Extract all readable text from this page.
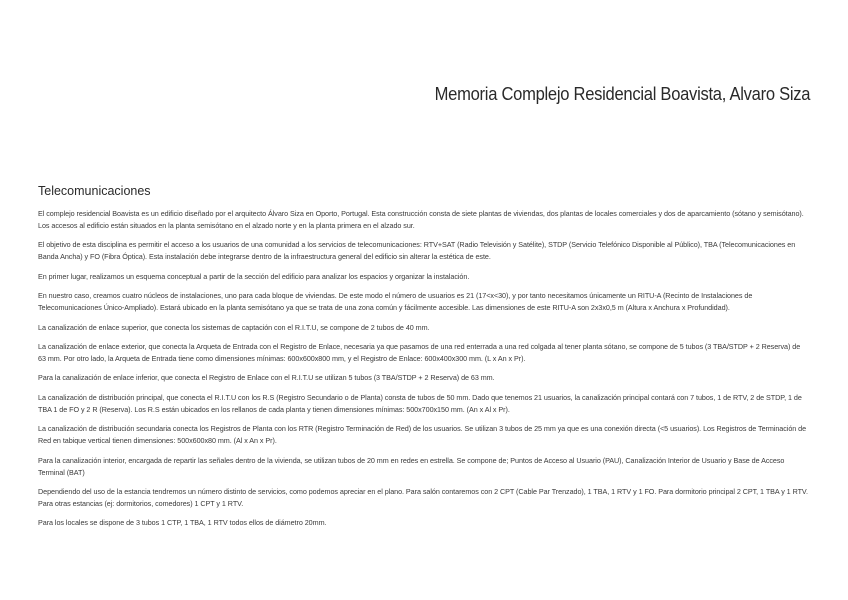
Memoria Complejo Residencial Boavista, Alvaro Siza
Telecomunicaciones

El complejo residencial Boavista es un edificio diseñado por el arquitecto Álvaro Siza en Oporto, Portugal. Esta construcción consta de siete plantas de viviendas, dos plantas de locales comerciales y dos de aparcamiento (sótano y semisótano). Los accesos al edificio están situados en la planta semisótano en el alzado norte y en la planta primera en el alzado sur.

El objetivo de esta disciplina es permitir el acceso a los usuarios de una comunidad a los servicios de telecomunicaciones: RTV+SAT (Radio Televisión y Satélite), STDP (Servicio Telefónico Disponible al Público), TBA (Telecomunicaciones en Banda Ancha) y FO (Fibra Óptica). Esta instalación debe integrarse dentro de la infraestructura general del edificio sin alterar la estética de este.

En primer lugar, realizamos un esquema conceptual a partir de la sección del edificio para analizar los espacios y organizar la instalación.

En nuestro caso, creamos cuatro núcleos de instalaciones, uno para cada bloque de viviendas. De este modo el número de usuarios es 21 (17<x<30), y por tanto necesitamos únicamente un RITU-A (Recinto de Instalaciones de Telecomunicaciones Único-Ampliado). Estará ubicado en la planta semisótano ya que se trata de una zona común y fácilmente accesible. Las dimensiones de este RITU-A son 2x3x0,5 m (Altura x Anchura x Profundidad).

La canalización de enlace superior, que conecta los sistemas de captación con el R.I.T.U, se compone de 2 tubos de 40 mm.

La canalización de enlace exterior, que conecta la Arqueta de Entrada con el Registro de Enlace, necesaria ya que pasamos de una red enterrada a una red colgada al tener planta sótano, se compone de 5 tubos (3 TBA/STDP + 2 Reserva) de 63 mm. Por otro lado, la Arqueta de Entrada tiene como dimensiones mínimas: 600x600x800 mm, y el Registro de Enlace: 600x400x300 mm. (L x An x Pr).

Para la canalización de enlace inferior, que conecta el Registro de Enlace con el R.I.T.U se utilizan 5 tubos (3 TBA/STDP + 2 Reserva) de 63 mm.

La canalización de distribución principal, que conecta el R.I.T.U con los R.S (Registro Secundario o de Planta) consta de tubos de 50 mm. Dado que tenemos 21 usuarios, la canalización principal contará con 7 tubos, 1 de RTV, 2 de STDP, 1 de TBA 1 de FO y 2 R (Reserva). Los R.S están ubicados en los rellanos de cada planta y tienen dimensiones mínimas: 500x700x150 mm. (An x Al x Pr).

La canalización de distribución secundaria conecta los Registros de Planta con los RTR (Registro Terminación de Red) de los usuarios. Se utilizan 3 tubos de 25 mm ya que es una conexión directa (<5 usuarios). Los Registros de Terminación de Red en tabique vertical tienen dimensiones: 500x600x80 mm. (Al x An x Pr).

Para la canalización interior, encargada de repartir las señales dentro de la vivienda, se utilizan tubos de 20 mm en redes en estrella. Se compone de; Puntos de Acceso al Usuario (PAU), Canalización Interior de Usuario y Base de Acceso Terminal (BAT)

Dependiendo del uso de la estancia tendremos un número distinto de servicios, como podemos apreciar en el plano. Para salón contaremos con 2 CPT (Cable Par Trenzado), 1 TBA, 1 RTV y 1 FO. Para dormitorio principal 2 CPT, 1 TBA y 1 RTV. Para otras estancias (ej: dormitorios, comedores) 1 CPT y 1 RTV.

Para los locales se dispone de 3 tubos 1 CTP, 1 TBA, 1 RTV todos ellos de diámetro 20mm.
